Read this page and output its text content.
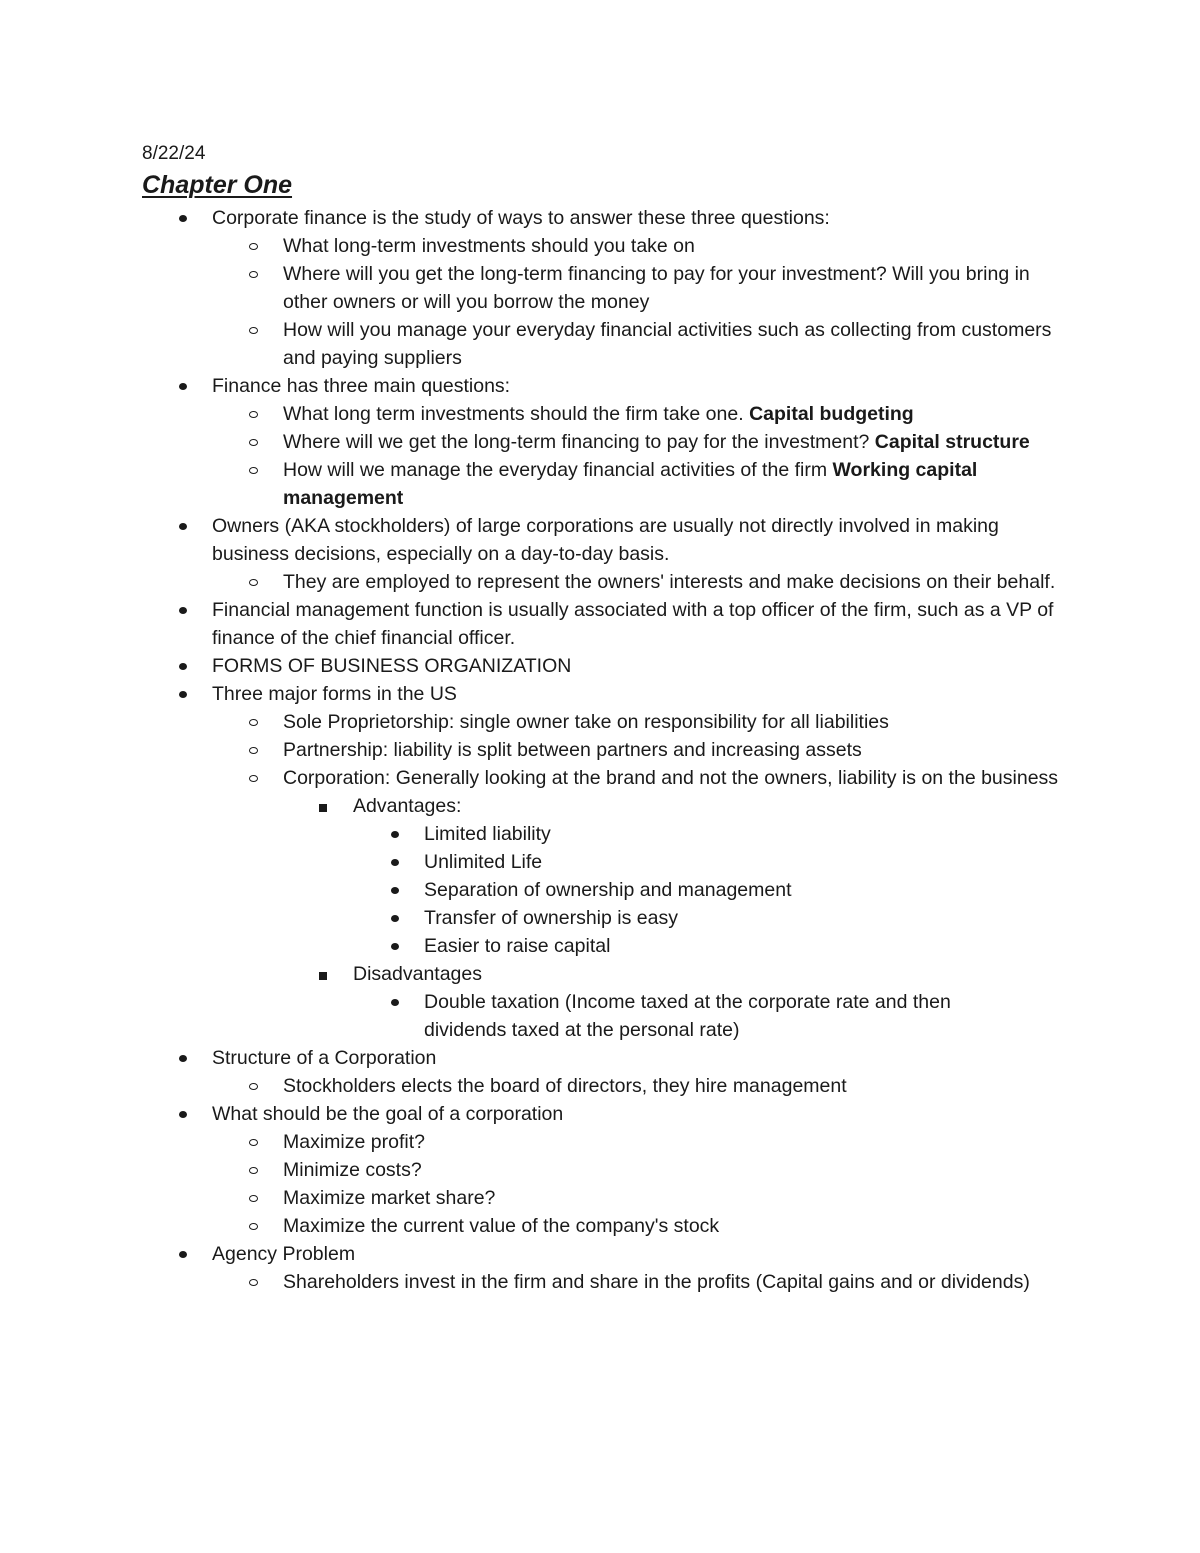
8/22/24
Chapter One
Corporate finance is the study of ways to answer these three questions:
What long-term investments should you take on
Where will you get the long-term financing to pay for your investment? Will you bring in other owners or will you borrow the money
How will you manage your everyday financial activities such as collecting from customers and paying suppliers
Finance has three main questions:
What long term investments should the firm take one. Capital budgeting
Where will we get the long-term financing to pay for the investment? Capital structure
How will we manage the everyday financial activities of the firm Working capital management
Owners (AKA stockholders) of large corporations are usually not directly involved in making business decisions, especially on a day-to-day basis.
They are employed to represent the owners' interests and make decisions on their behalf.
Financial management function is usually associated with a top officer of the firm, such as a VP of finance of the chief financial officer.
FORMS OF BUSINESS ORGANIZATION
Three major forms in the US
Sole Proprietorship: single owner take on responsibility for all liabilities
Partnership: liability is split between partners and increasing assets
Corporation: Generally looking at the brand and not the owners, liability is on the business
Advantages:
Limited liability
Unlimited Life
Separation of ownership and management
Transfer of ownership is easy
Easier to raise capital
Disadvantages
Double taxation (Income taxed at the corporate rate and then dividends taxed at the personal rate)
Structure of a Corporation
Stockholders elects the board of directors, they hire management
What should be the goal of a corporation
Maximize profit?
Minimize costs?
Maximize market share?
Maximize the current value of the company's stock
Agency Problem
Shareholders invest in the firm and share in the profits (Capital gains and or dividends)
